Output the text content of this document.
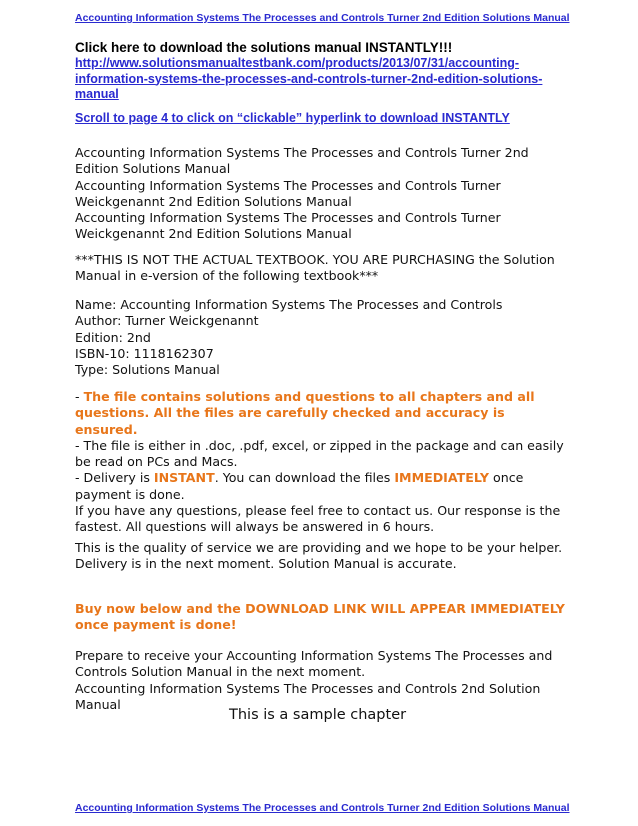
Accounting Information Systems The Processes and Controls Turner 2nd Edition Solutions Manual
Click here to download the solutions manual INSTANTLY!!!
http://www.solutionsmanualtestbank.com/products/2013/07/31/accounting-information-systems-the-processes-and-controls-turner-2nd-edition-solutions-manual
Scroll to page 4 to click on “clickable” hyperlink to download INSTANTLY

Accounting Information Systems The Processes and Controls Turner 2nd Edition Solutions Manual

Accounting Information Systems The Processes and Controls Turner Weickgenannt 2nd Edition Solutions Manual

Accounting Information Systems The Processes and Controls Turner Weickgenannt 2nd Edition Solutions Manual

***THIS IS NOT THE ACTUAL TEXTBOOK. YOU ARE PURCHASING the Solution Manual in e-version of the following textbook***

Name: Accounting Information Systems The Processes and Controls

Author: Turner Weickgenannt

Edition: 2nd

ISBN-10: 1118162307

Type: Solutions Manual

- The file contains solutions and questions to all chapters and all questions. All the files are carefully checked and accuracy is ensured.

- The file is either in .doc, .pdf, excel, or zipped in the package and can easily be read on PCs and Macs.

- Delivery is INSTANT. You can download the files IMMEDIATELY once payment is done.

If you have any questions, please feel free to contact us. Our response is the fastest. All questions will always be answered in 6 hours.

This is the quality of service we are providing and we hope to be your helper.

Delivery is in the next moment. Solution Manual is accurate.

Buy now below and the DOWNLOAD LINK WILL APPEAR IMMEDIATELY once payment is done!

Prepare to receive your Accounting Information Systems The Processes and Controls Solution Manual in the next moment.

Accounting Information Systems The Processes and Controls 2nd Solution Manual

This is a sample chapter
Accounting Information Systems The Processes and Controls Turner 2nd Edition Solutions Manual
